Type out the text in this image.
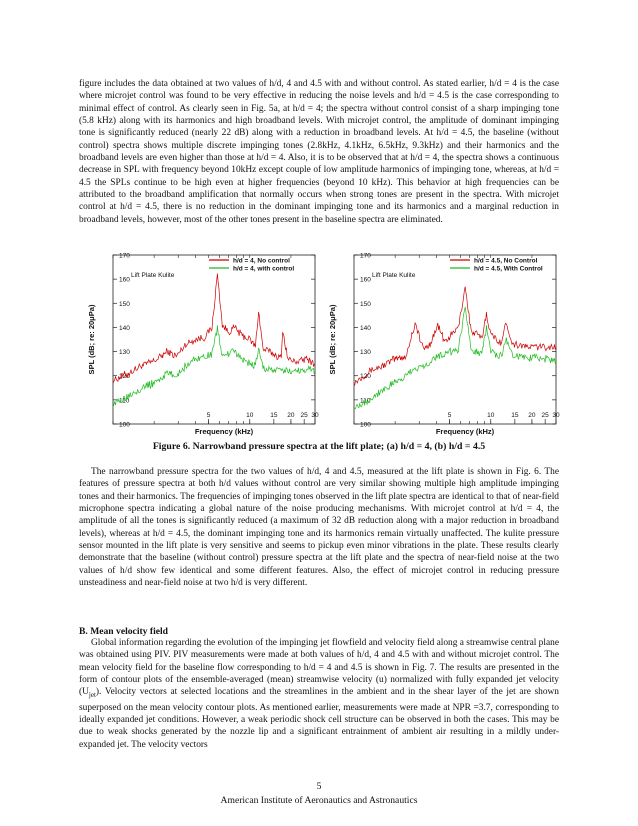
figure includes the data obtained at two values of h/d, 4 and 4.5 with and without control. As stated earlier, h/d = 4 is the case where microjet control was found to be very effective in reducing the noise levels and h/d = 4.5 is the case corresponding to minimal effect of control. As clearly seen in Fig. 5a, at h/d = 4; the spectra without control consist of a sharp impinging tone (5.8 kHz) along with its harmonics and high broadband levels. With microjet control, the amplitude of dominant impinging tone is significantly reduced (nearly 22 dB) along with a reduction in broadband levels. At h/d = 4.5, the baseline (without control) spectra shows multiple discrete impinging tones (2.8kHz, 4.1kHz, 6.5kHz, 9.3kHz) and their harmonics and the broadband levels are even higher than those at h/d = 4. Also, it is to be observed that at h/d = 4, the spectra shows a continuous decrease in SPL with frequency beyond 10kHz except couple of low amplitude harmonics of impinging tone, whereas, at h/d = 4.5 the SPLs continue to be high even at higher frequencies (beyond 10 kHz). This behavior at high frequencies can be attributed to the broadband amplification that normally occurs when strong tones are present in the spectra. With microjet control at h/d = 4.5, there is no reduction in the dominant impinging tone and its harmonics and a marginal reduction in broadband levels, however, most of the other tones present in the baseline spectra are eliminated.

100
110
120
130
140
150
160
170
5	10	15 20 25 30
Frequency (kHz)
SPL (dB; re: 20μPa)
Lift Plate Kulite
h/d = 4, No control
h/d = 4, with control
100
110
120
130
140
150
160
170
5	10	15 20 25 30
Frequency (kHz)
SPL (dB; re: 20μPa)
Lift Plate Kulite
h/d = 4.5, No Control
h/d = 4.5, With Control
Figure 6. Narrowband pressure spectra at the lift plate; (a) h/d = 4, (b) h/d = 4.5

The narrowband pressure spectra for the two values of h/d, 4 and 4.5, measured at the lift plate is shown in Fig. 6. The features of pressure spectra at both h/d values without control are very similar showing multiple high amplitude impinging tones and their harmonics. The frequencies of impinging tones observed in the lift plate spectra are identical to that of near-field microphone spectra indicating a global nature of the noise producing mechanisms. With microjet control at h/d = 4, the amplitude of all the tones is significantly reduced (a maximum of 32 dB reduction along with a major reduction in broadband levels), whereas at h/d = 4.5, the dominant impinging tone and its harmonics remain virtually unaffected. The kulite pressure sensor mounted in the lift plate is very sensitive and seems to pickup even minor vibrations in the plate. These results clearly demonstrate that the baseline (without control) pressure spectra at the lift plate and the spectra of near-field noise at the two values of h/d show few identical and some different features. Also, the effect of microjet control in reducing pressure unsteadiness and near-field noise at two h/d is very different.

B. Mean velocity field

Global information regarding the evolution of the impinging jet flowfield and velocity field along a streamwise central plane was obtained using PIV. PIV measurements were made at both values of h/d, 4 and 4.5 with and without microjet control. The mean velocity field for the baseline flow corresponding to h/d = 4 and 4.5 is shown in Fig. 7. The results are presented in the form of contour plots of the ensemble-averaged (mean) streamwise velocity (u) normalized with fully expanded jet velocity $(U_{jet})$. Velocity vectors at selected locations and the streamlines in the ambient and in the shear layer of the jet are shown superposed on the mean velocity contour plots. As mentioned earlier, measurements were made at NPR =3.7, corresponding to ideally expanded jet conditions. However, a weak periodic shock cell structure can be observed in both the cases. This may be due to weak shocks generated by the nozzle lip and a significant entrainment of ambient air resulting in a mildly under-expanded jet. The velocity vectors

5
American Institute of Aeronautics and Astronautics
